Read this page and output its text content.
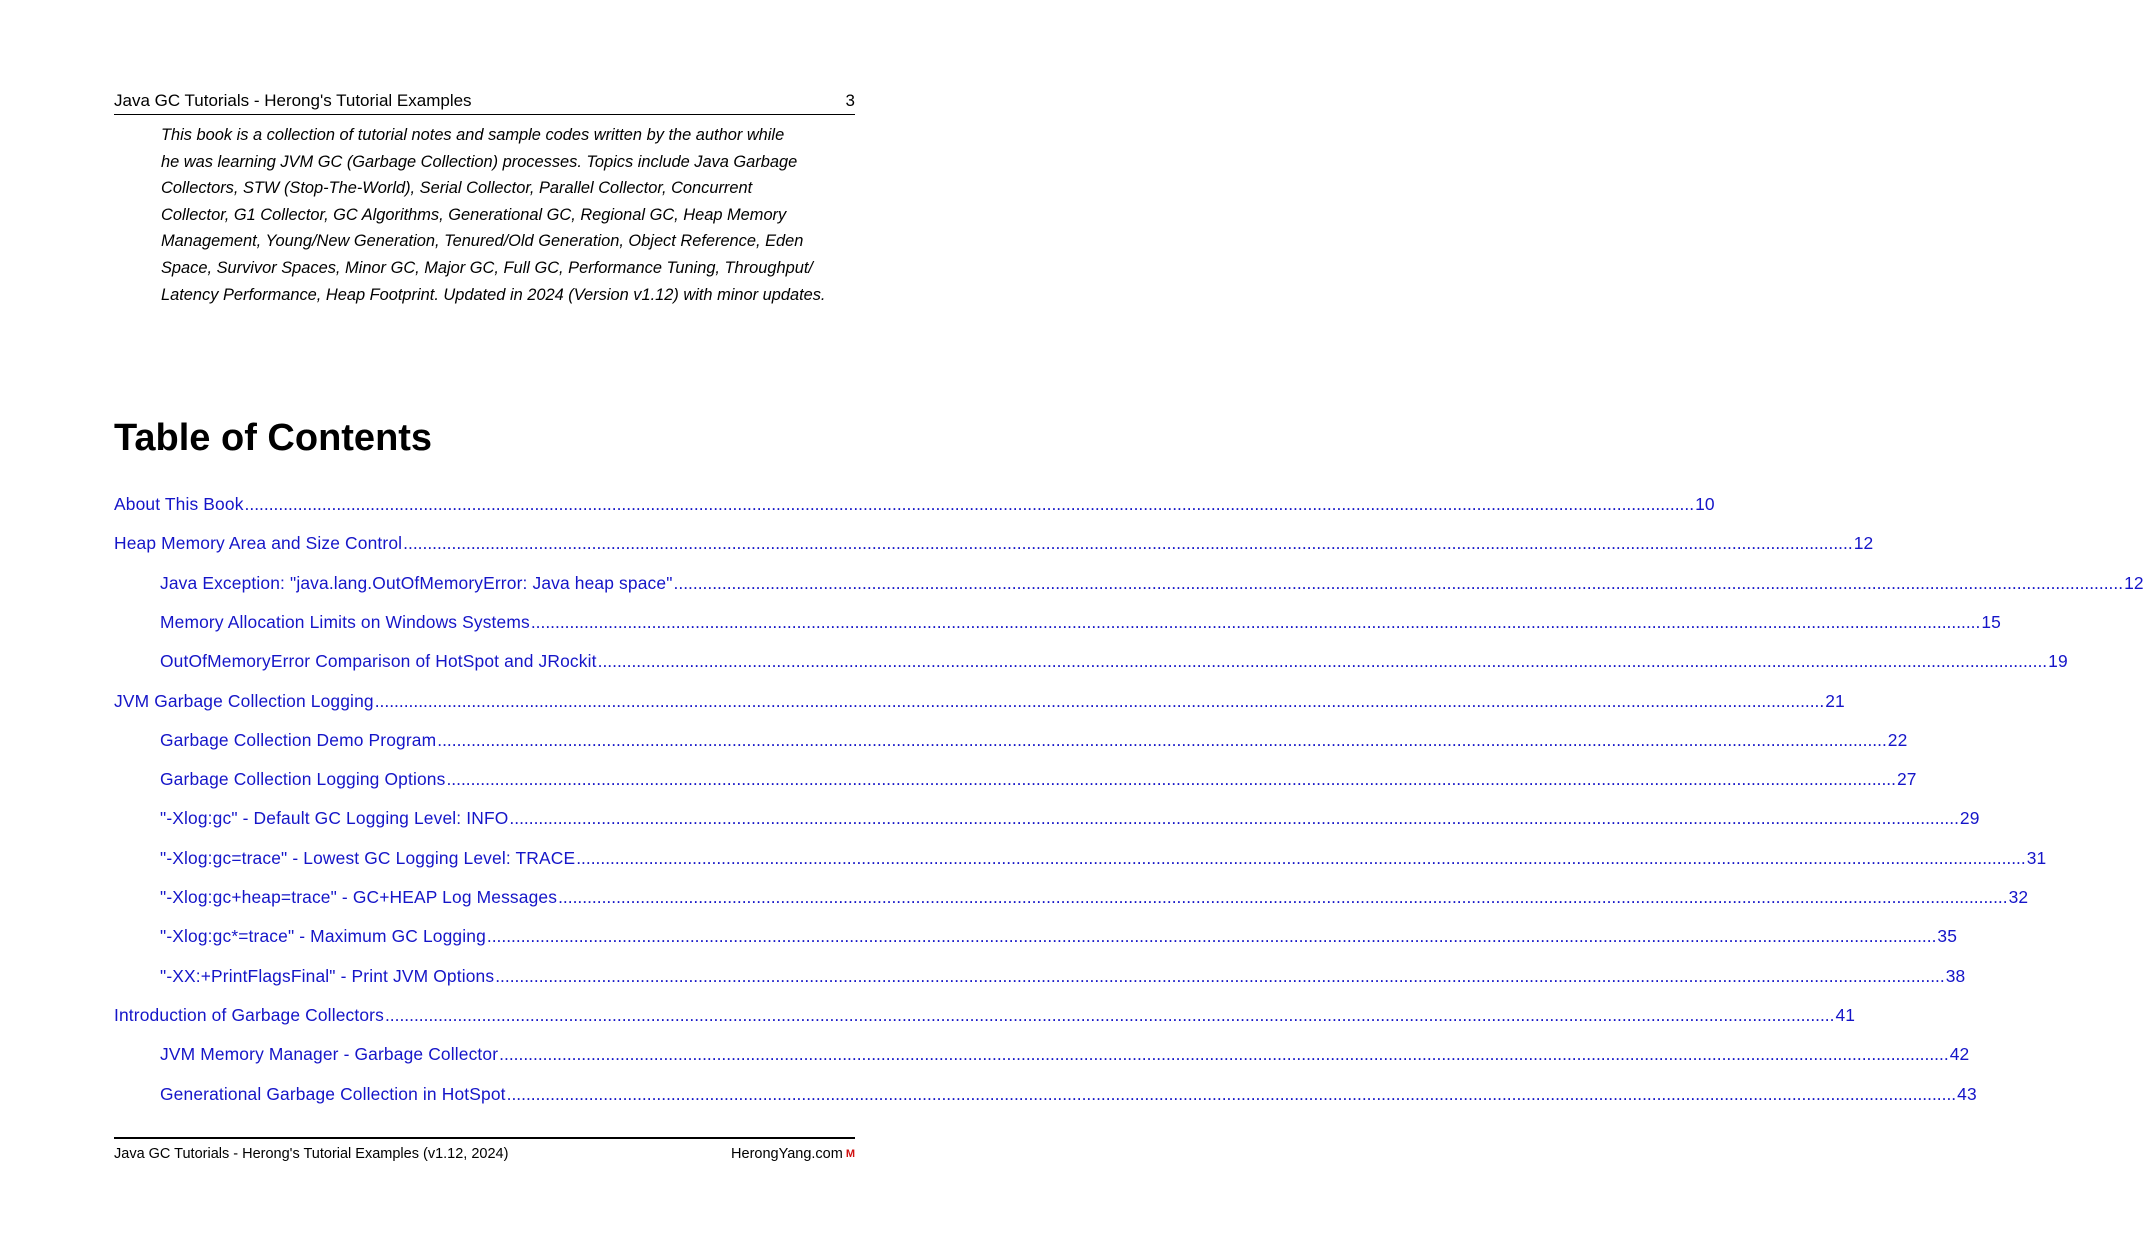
Java GC Tutorials - Herong's Tutorial Examples	3
This book is a collection of tutorial notes and sample codes written by the author while
he was learning JVM GC (Garbage Collection) processes. Topics include Java Garbage
Collectors, STW (Stop-The-World), Serial Collector, Parallel Collector, Concurrent
Collector, G1 Collector, GC Algorithms, Generational GC, Regional GC, Heap Memory
Management, Young/New Generation, Tenured/Old Generation, Object Reference, Eden
Space, Survivor Spaces, Minor GC, Major GC, Full GC, Performance Tuning, Throughput/
Latency Performance, Heap Footprint. Updated in 2024 (Version v1.12) with minor updates.
Table of Contents
About This Book ............................................................................................................................................................................................................................................................................................................ 10
Heap Memory Area and Size Control ............................................................................................................................................................................................................................................................................................................ 12
Java Exception: "java.lang.OutOfMemoryError: Java heap space" ............................................................................................................................................................................................................................................................................................................ 12
Memory Allocation Limits on Windows Systems ............................................................................................................................................................................................................................................................................................................ 15
OutOfMemoryError Comparison of HotSpot and JRockit ............................................................................................................................................................................................................................................................................................................ 19
JVM Garbage Collection Logging ............................................................................................................................................................................................................................................................................................................ 21
Garbage Collection Demo Program ............................................................................................................................................................................................................................................................................................................ 22
Garbage Collection Logging Options ............................................................................................................................................................................................................................................................................................................ 27
"-Xlog:gc" - Default GC Logging Level: INFO ............................................................................................................................................................................................................................................................................................................ 29
"-Xlog:gc=trace" - Lowest GC Logging Level: TRACE ............................................................................................................................................................................................................................................................................................................ 31
"-Xlog:gc+heap=trace" - GC+HEAP Log Messages ............................................................................................................................................................................................................................................................................................................ 32
"-Xlog:gc*=trace" - Maximum GC Logging ............................................................................................................................................................................................................................................................................................................ 35
"-XX:+PrintFlagsFinal" - Print JVM Options ............................................................................................................................................................................................................................................................................................................ 38
Introduction of Garbage Collectors ............................................................................................................................................................................................................................................................................................................ 41
JVM Memory Manager - Garbage Collector ............................................................................................................................................................................................................................................................................................................ 42
Generational Garbage Collection in HotSpot ............................................................................................................................................................................................................................................................................................................ 43
Java GC Tutorials - Herong's Tutorial Examples (v1.12, 2024)	HerongYang.com M
